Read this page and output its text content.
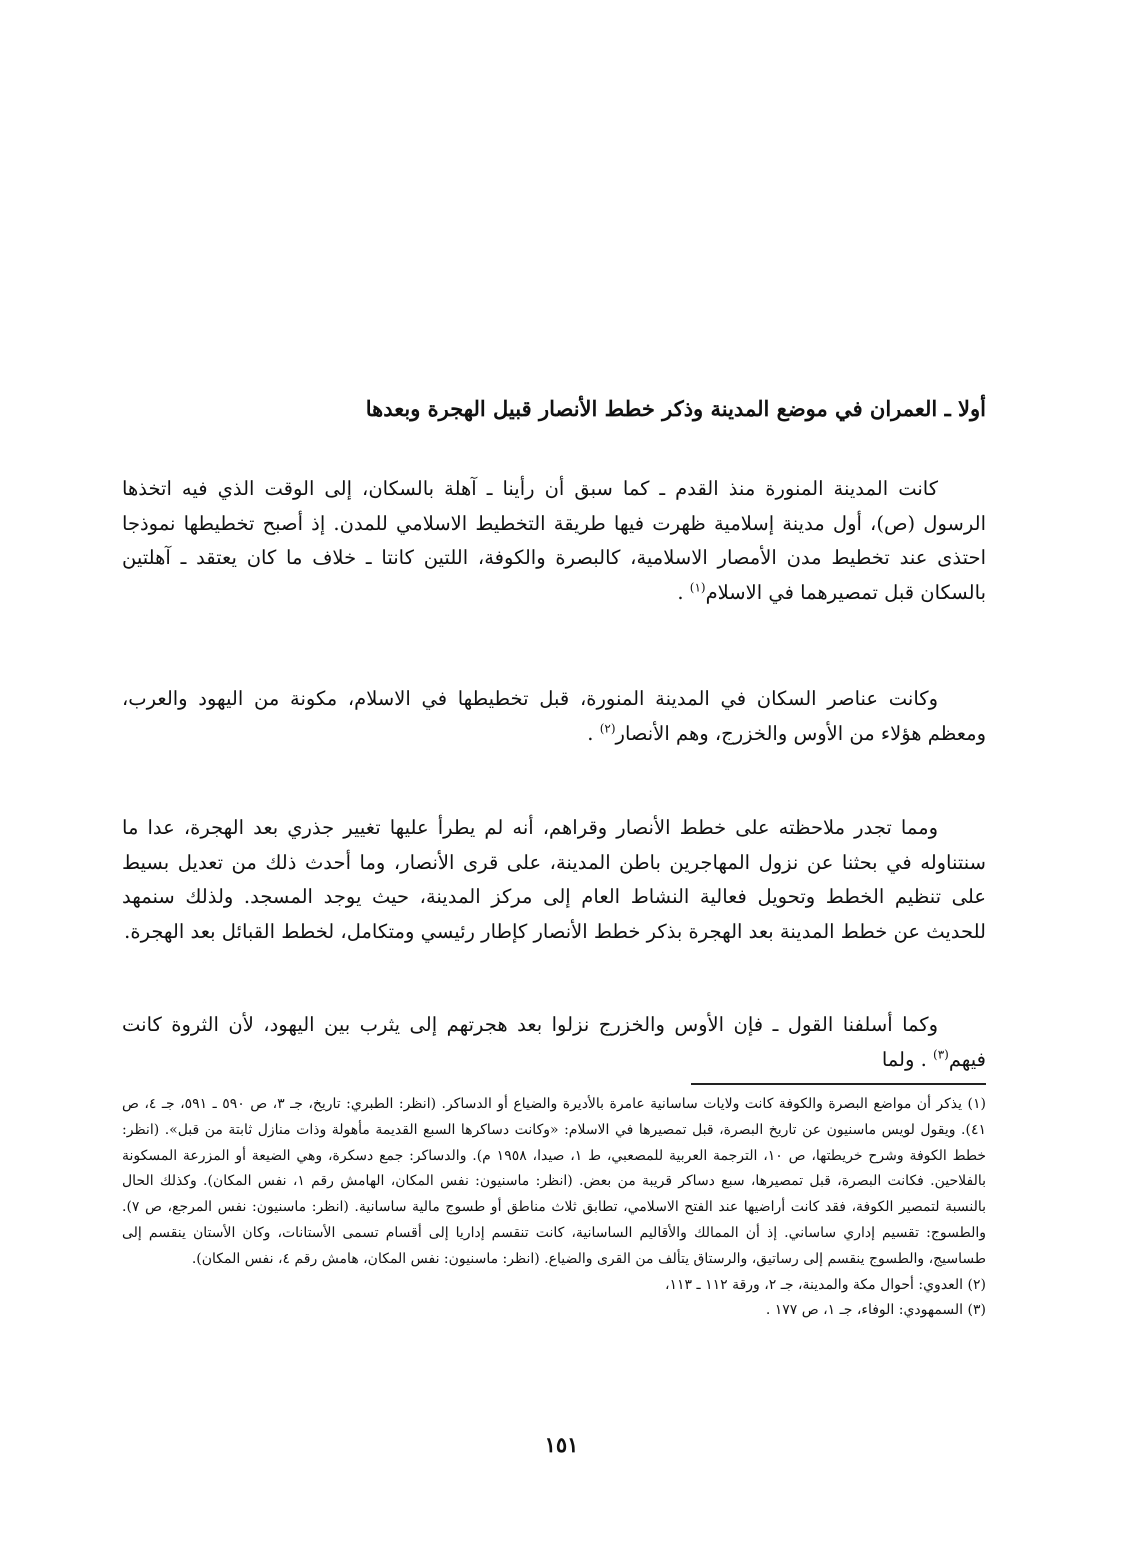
أولا ـ العمران في موضع المدينة وذكر خطط الأنصار قبيل الهجرة وبعدها

كانت المدينة المنورة منذ القدم ـ كما سبق أن رأينا ـ آهلة بالسكان، إلى الوقت الذي فيه اتخذها الرسول (ص)، أول مدينة إسلامية ظهرت فيها طريقة التخطيط الاسلامي للمدن. إذ أصبح تخطيطها نموذجا احتذى عند تخطيط مدن الأمصار الاسلامية، كالبصرة والكوفة، اللتين كانتا ـ خلاف ما كان يعتقد ـ آهلتين بالسكان قبل تمصيرهما في الاسلام$^{(١)}$ .

وكانت عناصر السكان في المدينة المنورة، قبل تخطيطها في الاسلام، مكونة من اليهود والعرب، ومعظم هؤلاء من الأوس والخزرج، وهم الأنصار$^{(٢)}$ .

ومما تجدر ملاحظته على خطط الأنصار وقراهم، أنه لم يطرأ عليها تغيير جذري بعد الهجرة، عدا ما سنتناوله في بحثنا عن نزول المهاجرين باطن المدينة، على قرى الأنصار، وما أحدث ذلك من تعديل بسيط على تنظيم الخطط وتحويل فعالية النشاط العام إلى مركز المدينة، حيث يوجد المسجد. ولذلك سنمهد للحديث عن خطط المدينة بعد الهجرة بذكر خطط الأنصار كإطار رئيسي ومتكامل، لخطط القبائل بعد الهجرة.

وكما أسلفنا القول ـ فإن الأوس والخزرج نزلوا بعد هجرتهم إلى يثرب بين اليهود، لأن الثروة كانت فيهم$^{(٣)}$ . ولما

(١) يذكر أن مواضع البصرة والكوفة كانت ولايات ساسانية عامرة بالأديرة والضياع أو الدساكر. (انظر: الطبري: تاريخ، جـ ٣، ص ٥٩٠ ـ ٥٩١، جـ ٤، ص ٤١). ويقول لويس ماسنيون عن تاريخ البصرة، قبل تمصيرها في الاسلام: «وكانت دساكرها السبع القديمة مأهولة وذات منازل ثابتة من قبل». (انظر: خطط الكوفة وشرح خريطتها، ص ١٠، الترجمة العربية للمصعبي، ط ١، صيدا، ١٩٥٨ م). والدساكر: جمع دسكرة، وهي الضيعة أو المزرعة المسكونة بالفلاحين. فكانت البصرة، قبل تمصيرها، سبع دساكر قريبة من بعض. (انظر: ماسنيون: نفس المكان، الهامش رقم ١، نفس المكان). وكذلك الحال بالنسبة لتمصير الكوفة، فقد كانت أراضيها عند الفتح الاسلامي، تطابق ثلاث مناطق أو طسوج مالية ساسانية. (انظر: ماسنيون: نفس المرجع، ص ٧). والطسوج: تقسيم إداري ساساني. إذ أن الممالك والأقاليم الساسانية، كانت تنقسم إداريا إلى أقسام تسمى الأستانات، وكان الأستان ينقسم إلى طساسيج، والطسوج ينقسم إلى رساتيق، والرستاق يتألف من القرى والضياع. (انظر: ماسنيون: نفس المكان، هامش رقم ٤، نفس المكان).

(٢) العدوي: أحوال مكة والمدينة، جـ ٢، ورقة ١١٢ ـ ١١٣،

(٣) السمهودي: الوفاء، جـ ١، ص ١٧٧ .

١٥١
